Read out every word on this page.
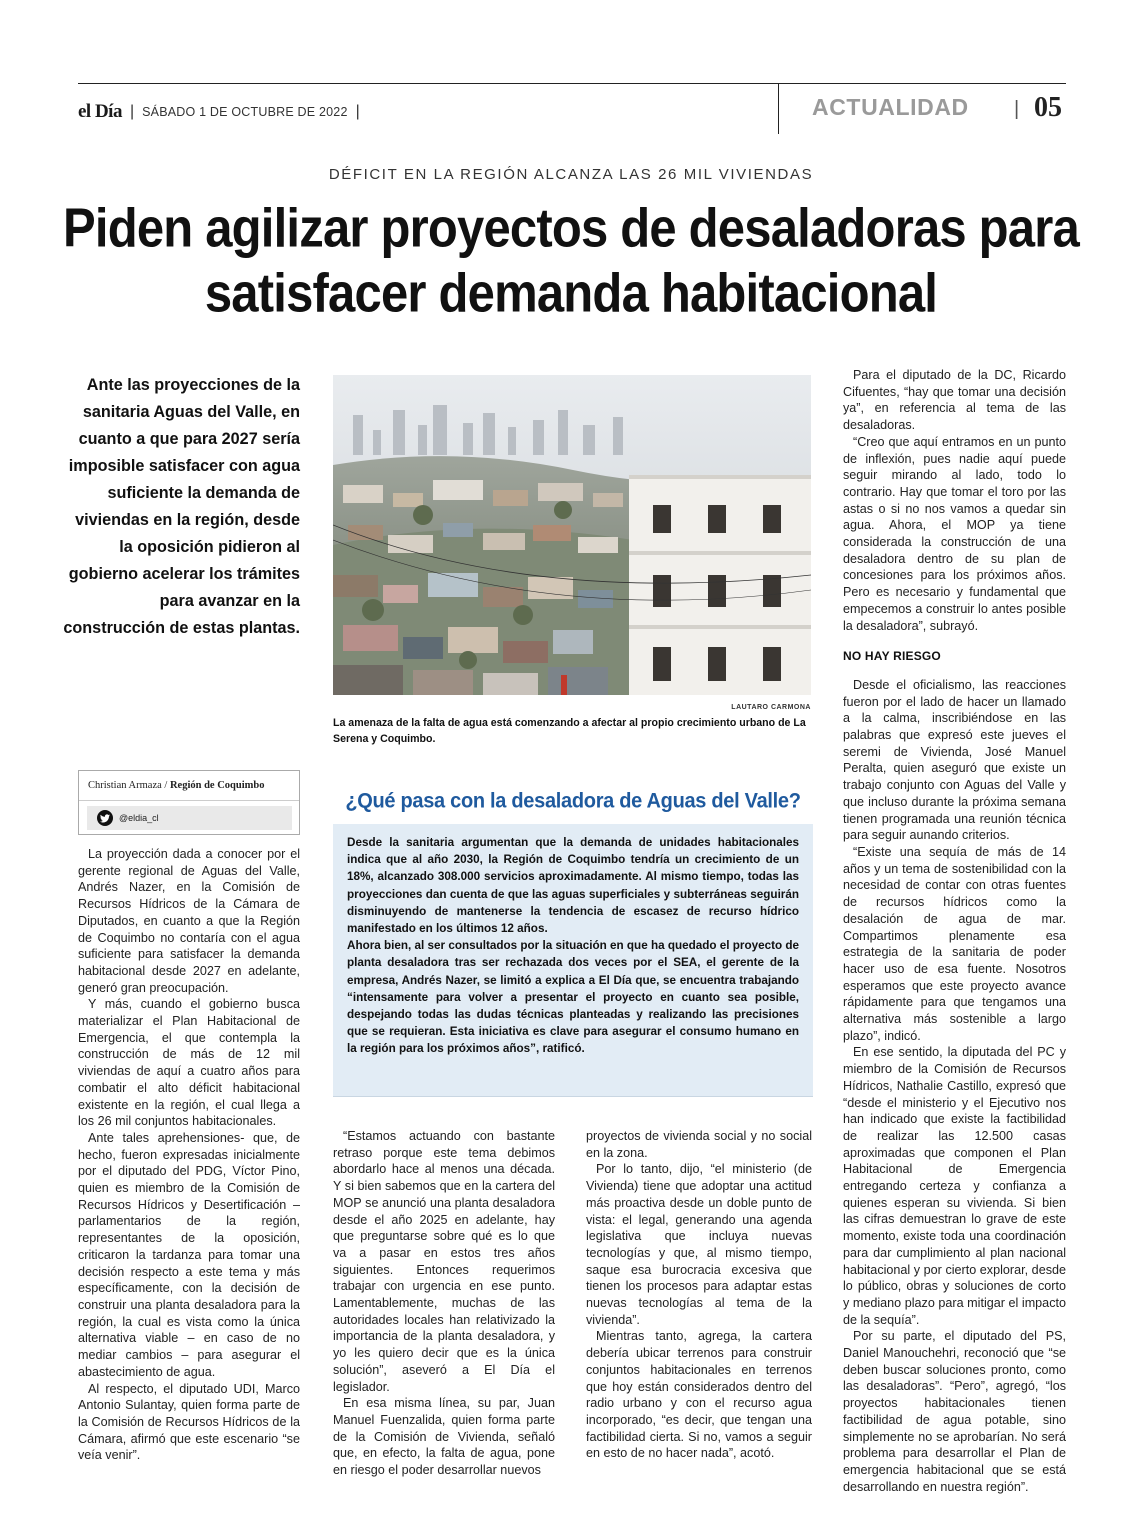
el Día | SÁBADO 1 DE OCTUBRE DE 2022 |	ACTUALIDAD | 05
DÉFICIT EN LA REGIÓN ALCANZA LAS 26 MIL VIVIENDAS
Piden agilizar proyectos de desaladoras para satisfacer demanda habitacional

Ante las proyecciones de la sanitaria Aguas del Valle, en cuanto a que para 2027 sería imposible satisfacer con agua suficiente la demanda de viviendas en la región, desde la oposición pidieron al gobierno acelerar los trámites para avanzar en la construcción de estas plantas.

LAUTARO CARMONA

La amenaza de la falta de agua está comenzando a afectar al propio crecimiento urbano de La Serena y Coquimbo.

Christian Armaza / Región de Coquimbo
@eldia_cl

La proyección dada a conocer por el gerente regional de Aguas del Valle, Andrés Nazer, en la Comisión de Recursos Hídricos de la Cámara de Diputados, en cuanto a que la Región de Coquimbo no contaría con el agua suficiente para satisfacer la demanda habitacional desde 2027 en adelante, generó gran preocupación.

Y más, cuando el gobierno busca materializar el Plan Habitacional de Emergencia, el que contempla la construcción de más de 12 mil viviendas de aquí a cuatro años para combatir el alto déficit habitacional existente en la región, el cual llega a los 26 mil conjuntos habitacionales.

Ante tales aprehensiones- que, de hecho, fueron expresadas inicialmente por el diputado del PDG, Víctor Pino, quien es miembro de la Comisión de Recursos Hídricos y Desertificación – parlamentarios de la región, representantes de la oposición, criticaron la tardanza para tomar una decisión respecto a este tema y más específicamente, con la decisión de construir una planta desaladora para la región, la cual es vista como la única alternativa viable – en caso de no mediar cambios – para asegurar el abastecimiento de agua.

Al respecto, el diputado UDI, Marco Antonio Sulantay, quien forma parte de la Comisión de Recursos Hídricos de la Cámara, afirmó que este escenario “se veía venir”.

¿Qué pasa con la desaladora de Aguas del Valle?

Desde la sanitaria argumentan que la demanda de unidades habitacionales indica que al año 2030, la Región de Coquimbo tendría un crecimiento de un 18%, alcanzado 308.000 servicios aproximadamente. Al mismo tiempo, todas las proyecciones dan cuenta de que las aguas superficiales y subterráneas seguirán disminuyendo de mantenerse la tendencia de escasez de recurso hídrico manifestado en los últimos 12 años.

Ahora bien, al ser consultados por la situación en que ha quedado el proyecto de planta desaladora tras ser rechazada dos veces por el SEA, el gerente de la empresa, Andrés Nazer, se limitó a explica a El Día que, se encuentra trabajando “intensamente para volver a presentar el proyecto en cuanto sea posible, despejando todas las dudas técnicas planteadas y realizando las precisiones que se requieran. Esta iniciativa es clave para asegurar el consumo humano en la región para los próximos años”, ratificó.

“Estamos actuando con bastante retraso porque este tema debimos abordarlo hace al menos una década. Y si bien sabemos que en la cartera del MOP se anunció una planta desaladora desde el año 2025 en adelante, hay que preguntarse sobre qué es lo que va a pasar en estos tres años siguientes. Entonces requerimos trabajar con urgencia en ese punto. Lamentablemente, muchas de las autoridades locales han relativizado la importancia de la planta desaladora, y yo les quiero decir que es la única solución”, aseveró a El Día el legislador.

En esa misma línea, su par, Juan Manuel Fuenzalida, quien forma parte de la Comisión de Vivienda, señaló que, en efecto, la falta de agua, pone en riesgo el poder desarrollar nuevos

proyectos de vivienda social y no social en la zona.

Por lo tanto, dijo, “el ministerio (de Vivienda) tiene que adoptar una actitud más proactiva desde un doble punto de vista: el legal, generando una agenda legislativa que incluya nuevas tecnologías y que, al mismo tiempo, saque esa burocracia excesiva que tienen los procesos para adaptar estas nuevas tecnologías al tema de la vivienda”.

Mientras tanto, agrega, la cartera debería ubicar terrenos para construir conjuntos habitacionales en terrenos que hoy están considerados dentro del radio urbano y con el recurso agua incorporado, “es decir, que tengan una factibilidad cierta. Si no, vamos a seguir en esto de no hacer nada”, acotó.

Para el diputado de la DC, Ricardo Cifuentes, “hay que tomar una decisión ya”, en referencia al tema de las desaladoras.

“Creo que aquí entramos en un punto de inflexión, pues nadie aquí puede seguir mirando al lado, todo lo contrario. Hay que tomar el toro por las astas o si no nos vamos a quedar sin agua. Ahora, el MOP ya tiene considerada la construcción de una desaladora dentro de su plan de concesiones para los próximos años. Pero es necesario y fundamental que empecemos a construir lo antes posible la desaladora”, subrayó.

NO HAY RIESGO

Desde el oficialismo, las reacciones fueron por el lado de hacer un llamado a la calma, inscribiéndose en las palabras que expresó este jueves el seremi de Vivienda, José Manuel Peralta, quien aseguró que existe un trabajo conjunto con Aguas del Valle y que incluso durante la próxima semana tienen programada una reunión técnica para seguir aunando criterios.

“Existe una sequía de más de 14 años y un tema de sostenibilidad con la necesidad de contar con otras fuentes de recursos hídricos como la desalación de agua de mar. Compartimos plenamente esa estrategia de la sanitaria de poder hacer uso de esa fuente. Nosotros esperamos que este proyecto avance rápidamente para que tengamos una alternativa más sostenible a largo plazo”, indicó.

En ese sentido, la diputada del PC y miembro de la Comisión de Recursos Hídricos, Nathalie Castillo, expresó que “desde el ministerio y el Ejecutivo nos han indicado que existe la factibilidad de realizar las 12.500 casas aproximadas que componen el Plan Habitacional de Emergencia entregando certeza y confianza a quienes esperan su vivienda. Si bien las cifras demuestran lo grave de este momento, existe toda una coordinación para dar cumplimiento al plan nacional habitacional y por cierto explorar, desde lo público, obras y soluciones de corto y mediano plazo para mitigar el impacto de la sequía”.

Por su parte, el diputado del PS, Daniel Manouchehri, reconoció que “se deben buscar soluciones pronto, como las desaladoras”. “Pero”, agregó, “los proyectos habitacionales tienen factibilidad de agua potable, sino simplemente no se aprobarían. No será problema para desarrollar el Plan de emergencia habitacional que se está desarrollando en nuestra región”.
